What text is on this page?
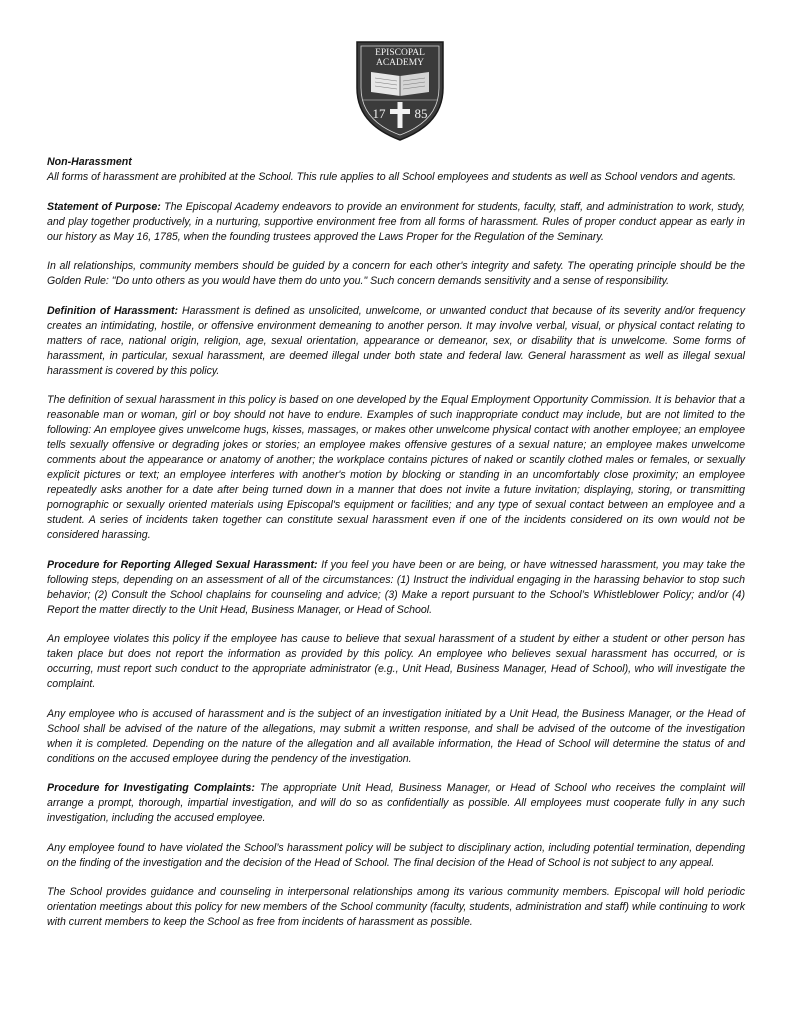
EPISCOPAL
ACADEMY
17 85

Non-Harassment

All forms of harassment are prohibited at the School. This rule applies to all School employees and students as well as School vendors and agents.

Statement of Purpose: The Episcopal Academy endeavors to provide an environment for students, faculty, staff, and administration to work, study, and play together productively, in a nurturing, supportive environment free from all forms of harassment. Rules of proper conduct appear as early in our history as May 16, 1785, when the founding trustees approved the Laws Proper for the Regulation of the Seminary.

In all relationships, community members should be guided by a concern for each other's integrity and safety. The operating principle should be the Golden Rule: "Do unto others as you would have them do unto you." Such concern demands sensitivity and a sense of responsibility.

Definition of Harassment: Harassment is defined as unsolicited, unwelcome, or unwanted conduct that because of its severity and/or frequency creates an intimidating, hostile, or offensive environment demeaning to another person. It may involve verbal, visual, or physical contact relating to matters of race, national origin, religion, age, sexual orientation, appearance or demeanor, sex, or disability that is unwelcome. Some forms of harassment, in particular, sexual harassment, are deemed illegal under both state and federal law. General harassment as well as illegal sexual harassment is covered by this policy.

The definition of sexual harassment in this policy is based on one developed by the Equal Employment Opportunity Commission. It is behavior that a reasonable man or woman, girl or boy should not have to endure. Examples of such inappropriate conduct may include, but are not limited to the following: An employee gives unwelcome hugs, kisses, massages, or makes other unwelcome physical contact with another employee; an employee tells sexually offensive or degrading jokes or stories; an employee makes offensive gestures of a sexual nature; an employee makes unwelcome comments about the appearance or anatomy of another; the workplace contains pictures of naked or scantily clothed males or females, or sexually explicit pictures or text; an employee interferes with another's motion by blocking or standing in an uncomfortably close proximity; an employee repeatedly asks another for a date after being turned down in a manner that does not invite a future invitation; displaying, storing, or transmitting pornographic or sexually oriented materials using Episcopal's equipment or facilities; and any type of sexual contact between an employee and a student. A series of incidents taken together can constitute sexual harassment even if one of the incidents considered on its own would not be considered harassing.

Procedure for Reporting Alleged Sexual Harassment: If you feel you have been or are being, or have witnessed harassment, you may take the following steps, depending on an assessment of all of the circumstances: (1) Instruct the individual engaging in the harassing behavior to stop such behavior; (2) Consult the School chaplains for counseling and advice; (3) Make a report pursuant to the School’s Whistleblower Policy; and/or (4) Report the matter directly to the Unit Head, Business Manager, or Head of School.

An employee violates this policy if the employee has cause to believe that sexual harassment of a student by either a student or other person has taken place but does not report the information as provided by this policy. An employee who believes sexual harassment has occurred, or is occurring, must report such conduct to the appropriate administrator (e.g., Unit Head, Business Manager, Head of School), who will investigate the complaint.

Any employee who is accused of harassment and is the subject of an investigation initiated by a Unit Head, the Business Manager, or the Head of School shall be advised of the nature of the allegations, may submit a written response, and shall be advised of the outcome of the investigation when it is completed. Depending on the nature of the allegation and all available information, the Head of School will determine the status of and conditions on the accused employee during the pendency of the investigation.

Procedure for Investigating Complaints: The appropriate Unit Head, Business Manager, or Head of School who receives the complaint will arrange a prompt, thorough, impartial investigation, and will do so as confidentially as possible. All employees must cooperate fully in any such investigation, including the accused employee.

Any employee found to have violated the School’s harassment policy will be subject to disciplinary action, including potential termination, depending on the finding of the investigation and the decision of the Head of School. The final decision of the Head of School is not subject to any appeal.

The School provides guidance and counseling in interpersonal relationships among its various community members. Episcopal will hold periodic orientation meetings about this policy for new members of the School community (faculty, students, administration and staff) while continuing to work with current members to keep the School as free from incidents of harassment as possible.
